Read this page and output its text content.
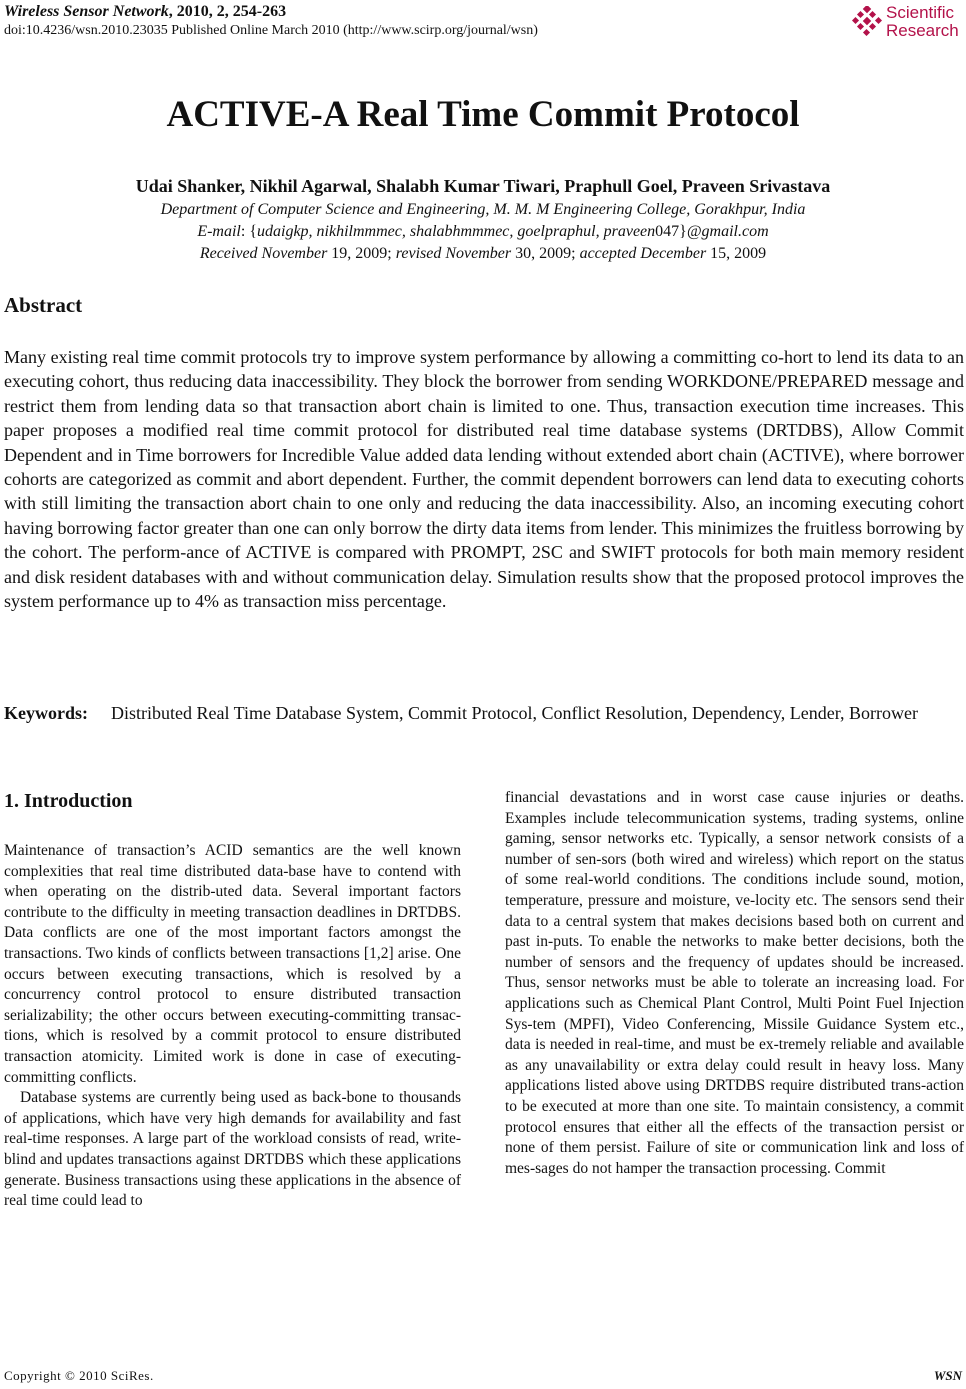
Wireless Sensor Network, 2010, 2, 254-263
doi:10.4236/wsn.2010.23035 Published Online March 2010 (http://www.scirp.org/journal/wsn)
Scientific
Research
ACTIVE-A Real Time Commit Protocol
Udai Shanker, Nikhil Agarwal, Shalabh Kumar Tiwari, Praphull Goel, Praveen Srivastava
Department of Computer Science and Engineering, M. M. M Engineering College, Gorakhpur, India
E-mail: {udaigkp, nikhilmmmec, shalabhmmmec, goelpraphul, praveen047}@gmail.com
Received November 19, 2009; revised November 30, 2009; accepted December 15, 2009
Abstract
Many existing real time commit protocols try to improve system performance by allowing a committing co-hort to lend its data to an executing cohort, thus reducing data inaccessibility. They block the borrower from sending WORKDONE/PREPARED message and restrict them from lending data so that transaction abort chain is limited to one. Thus, transaction execution time increases. This paper proposes a modified real time commit protocol for distributed real time database systems (DRTDBS), Allow Commit Dependent and in Time borrowers for Incredible Value added data lending without extended abort chain (ACTIVE), where borrower cohorts are categorized as commit and abort dependent. Further, the commit dependent borrowers can lend data to executing cohorts with still limiting the transaction abort chain to one only and reducing the data inaccessibility. Also, an incoming executing cohort having borrowing factor greater than one can only borrow the dirty data items from lender. This minimizes the fruitless borrowing by the cohort. The perform-ance of ACTIVE is compared with PROMPT, 2SC and SWIFT protocols for both main memory resident and disk resident databases with and without communication delay. Simulation results show that the proposed protocol improves the system performance up to 4% as transaction miss percentage.
Keywords: Distributed Real Time Database System, Commit Protocol, Conflict Resolution, Dependency, Lender, Borrower
1. Introduction

Maintenance of transaction’s ACID semantics are the well known complexities that real time distributed data-base have to contend with when operating on the distrib-uted data. Several important factors contribute to the difficulty in meeting transaction deadlines in DRTDBS. Data conflicts are one of the most important factors amongst the transactions. Two kinds of conflicts between transactions [1,2] arise. One occurs between executing transactions, which is resolved by a concurrency control protocol to ensure distributed transaction serializability; the other occurs between executing-committing transac-tions, which is resolved by a commit protocol to ensure distributed transaction atomicity. Limited work is done in case of executing-committing conflicts.

Database systems are currently being used as back-bone to thousands of applications, which have very high demands for availability and fast real-time responses. A large part of the workload consists of read, write-blind and updates transactions against DRTDBS which these applications generate. Business transactions using these applications in the absence of real time could lead to

financial devastations and in worst case cause injuries or deaths. Examples include telecommunication systems, trading systems, online gaming, sensor networks etc. Typically, a sensor network consists of a number of sen-sors (both wired and wireless) which report on the status of some real-world conditions. The conditions include sound, motion, temperature, pressure and moisture, ve-locity etc. The sensors send their data to a central system that makes decisions based both on current and past in-puts. To enable the networks to make better decisions, both the number of sensors and the frequency of updates should be increased. Thus, sensor networks must be able to tolerate an increasing load. For applications such as Chemical Plant Control, Multi Point Fuel Injection Sys-tem (MPFI), Video Conferencing, Missile Guidance System etc., data is needed in real-time, and must be ex-tremely reliable and available as any unavailability or extra delay could result in heavy loss. Many applications listed above using DRTDBS require distributed trans-action to be executed at more than one site. To maintain consistency, a commit protocol ensures that either all the effects of the transaction persist or none of them persist. Failure of site or communication link and loss of mes-sages do not hamper the transaction processing. Commit

Copyright © 2010 SciRes.	WSN
